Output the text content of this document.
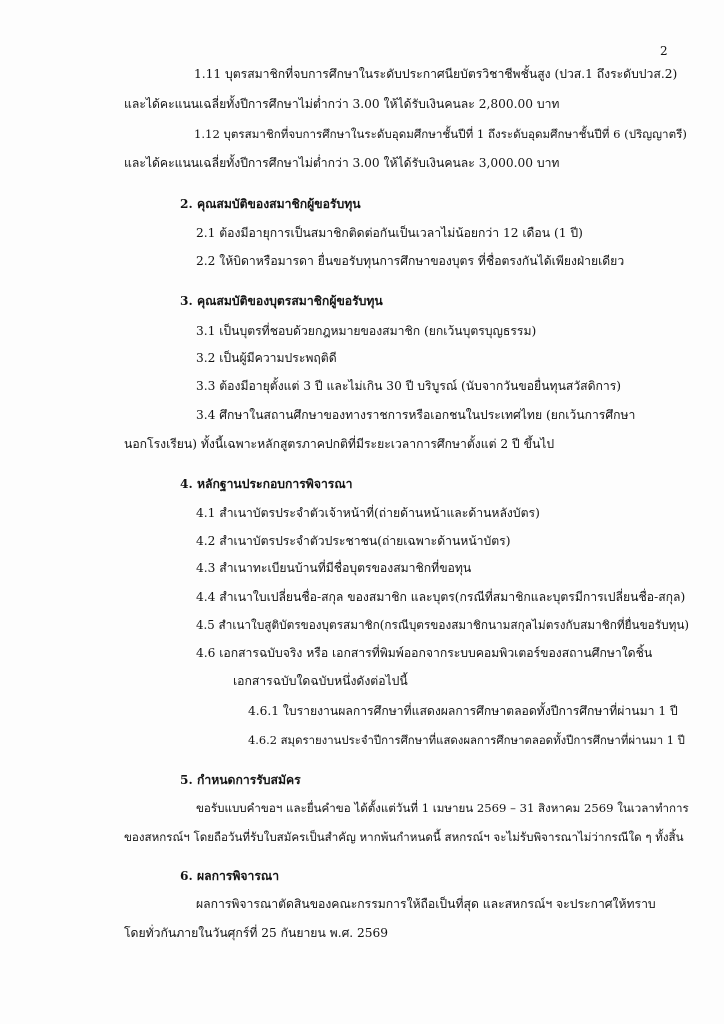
2
1.11 บุตรสมาชิกที่จบการศึกษาในระดับประกาศนียบัตรวิชาชีพชั้นสูง (ปวส.1 ถึงระดับปวส.2)
และได้คะแนนเฉลี่ยทั้งปีการศึกษาไม่ต่ำกว่า 3.00 ให้ได้รับเงินคนละ 2,800.00 บาท
1.12 บุตรสมาชิกที่จบการศึกษาในระดับอุดมศึกษาชั้นปีที่ 1 ถึงระดับอุดมศึกษาชั้นปีที่ 6 (ปริญญาตรี)
และได้คะแนนเฉลี่ยทั้งปีการศึกษาไม่ต่ำกว่า 3.00 ให้ได้รับเงินคนละ 3,000.00 บาท
2. คุณสมบัติของสมาชิกผู้ขอรับทุน
2.1 ต้องมีอายุการเป็นสมาชิกติดต่อกันเป็นเวลาไม่น้อยกว่า 12 เดือน (1 ปี)
2.2 ให้บิดาหรือมารดา ยื่นขอรับทุนการศึกษาของบุตร ที่ชื่อตรงกันได้เพียงฝ่ายเดียว
3. คุณสมบัติของบุตรสมาชิกผู้ขอรับทุน
3.1 เป็นบุตรที่ชอบด้วยกฎหมายของสมาชิก (ยกเว้นบุตรบุญธรรม)
3.2 เป็นผู้มีความประพฤติดี
3.3 ต้องมีอายุตั้งแต่ 3 ปี และไม่เกิน 30 ปี บริบูรณ์ (นับจากวันขอยื่นทุนสวัสดิการ)
3.4 ศึกษาในสถานศึกษาของทางราชการหรือเอกชนในประเทศไทย (ยกเว้นการศึกษา
นอกโรงเรียน) ทั้งนี้เฉพาะหลักสูตรภาคปกติที่มีระยะเวลาการศึกษาตั้งแต่ 2 ปี ขึ้นไป
4. หลักฐานประกอบการพิจารณา
4.1 สำเนาบัตรประจำตัวเจ้าหน้าที่(ถ่ายด้านหน้าและด้านหลังบัตร)
4.2 สำเนาบัตรประจำตัวประชาชน(ถ่ายเฉพาะด้านหน้าบัตร)
4.3 สำเนาทะเบียนบ้านที่มีชื่อบุตรของสมาชิกที่ขอทุน
4.4 สำเนาใบเปลี่ยนชื่อ-สกุล ของสมาชิก และบุตร(กรณีที่สมาชิกและบุตรมีการเปลี่ยนชื่อ-สกุล)
4.5 สำเนาใบสูติบัตรของบุตรสมาชิก(กรณีบุตรของสมาชิกนามสกุลไม่ตรงกับสมาชิกที่ยื่นขอรับทุน)
4.6 เอกสารฉบับจริง หรือ เอกสารที่พิมพ์ออกจากระบบคอมพิวเตอร์ของสถานศึกษาใดชิ้น
เอกสารฉบับใดฉบับหนึ่งดังต่อไปนี้
4.6.1 ใบรายงานผลการศึกษาที่แสดงผลการศึกษาตลอดทั้งปีการศึกษาที่ผ่านมา 1 ปี
4.6.2 สมุดรายงานประจำปีการศึกษาที่แสดงผลการศึกษาตลอดทั้งปีการศึกษาที่ผ่านมา 1 ปี
5. กำหนดการรับสมัคร
ขอรับแบบคำขอฯ และยื่นคำขอ ได้ตั้งแต่วันที่ 1 เมษายน 2569 – 31 สิงหาคม 2569 ในเวลาทำการ
ของสหกรณ์ฯ โดยถือวันที่รับใบสมัครเป็นสำคัญ หากพ้นกำหนดนี้ สหกรณ์ฯ จะไม่รับพิจารณาไม่ว่ากรณีใด ๆ ทั้งสิ้น
6. ผลการพิจารณา
ผลการพิจารณาตัดสินของคณะกรรมการให้ถือเป็นที่สุด และสหกรณ์ฯ จะประกาศให้ทราบ
โดยทั่วกันภายในวันศุกร์ที่ 25 กันยายน พ.ศ. 2569
